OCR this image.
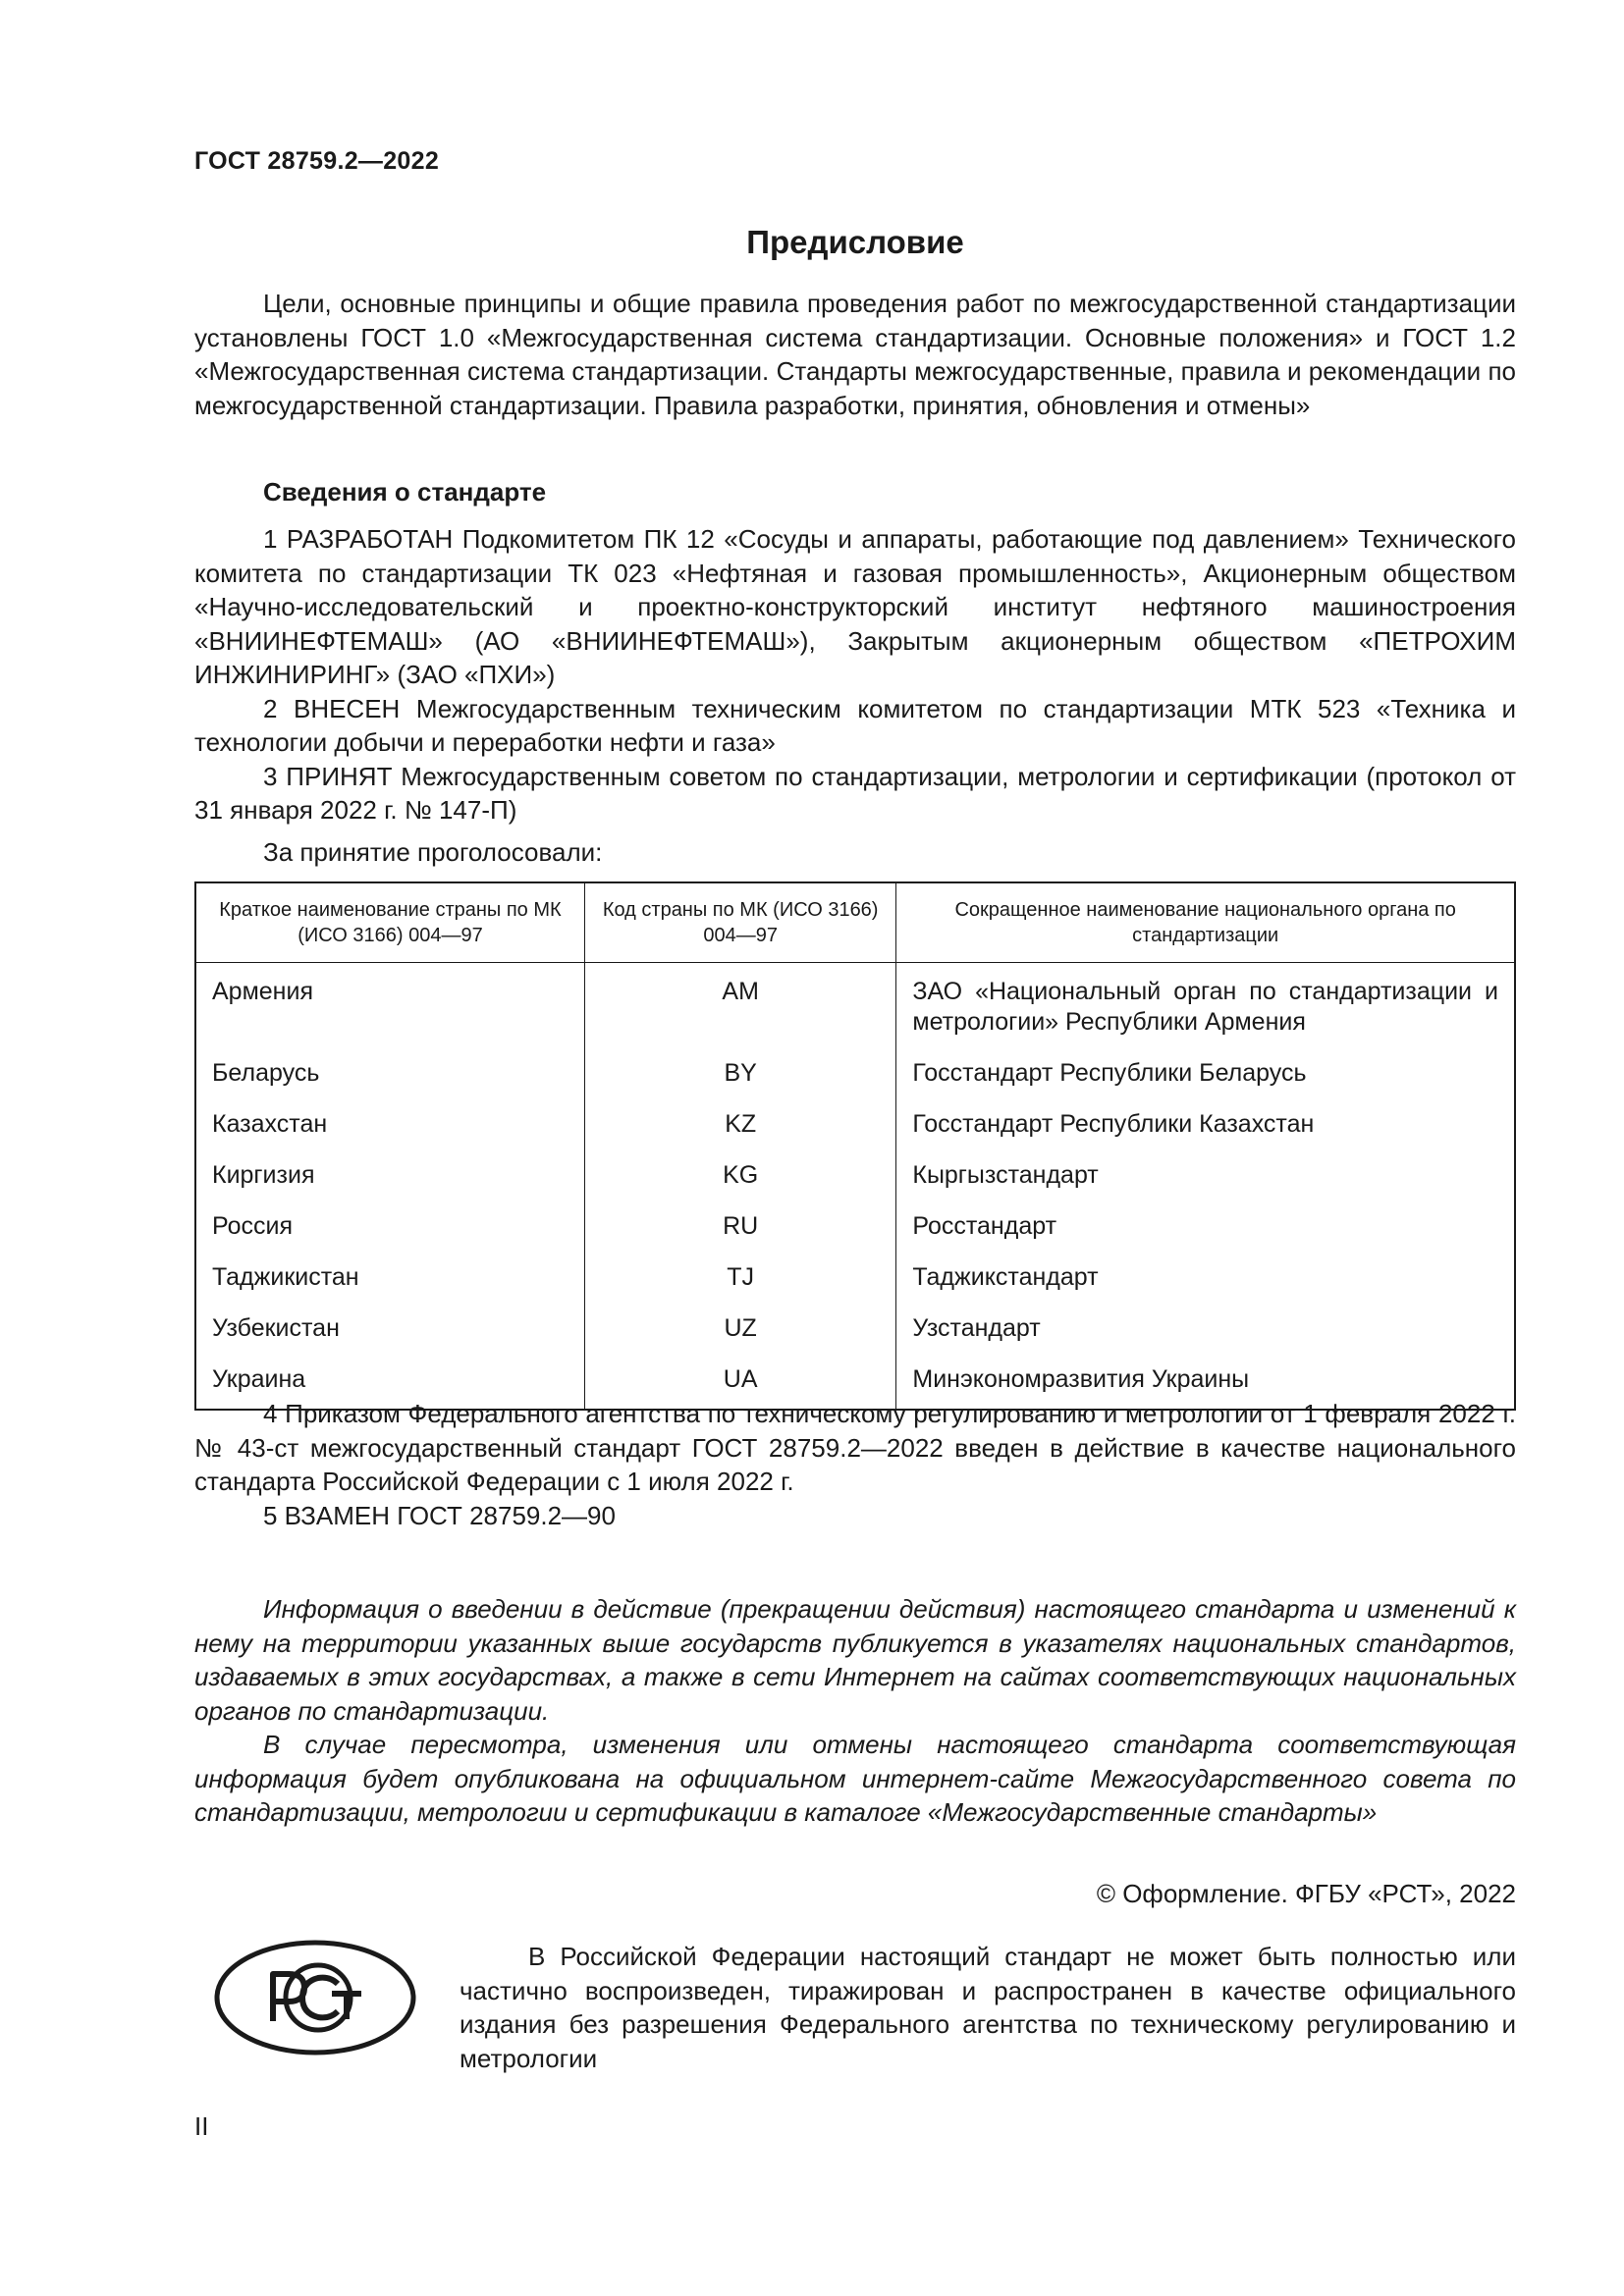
ГОСТ 28759.2—2022
Предисловие

Цели, основные принципы и общие правила проведения работ по межгосударственной стандартизации установлены ГОСТ 1.0 «Межгосударственная система стандартизации. Основные положения» и ГОСТ 1.2 «Межгосударственная система стандартизации. Стандарты межгосударственные, правила и рекомендации по межгосударственной стандартизации. Правила разработки, принятия, обновления и отмены»

Сведения о стандарте

1 РАЗРАБОТАН Подкомитетом ПК 12 «Сосуды и аппараты, работающие под давлением» Технического комитета по стандартизации ТК 023 «Нефтяная и газовая промышленность», Акционерным обществом «Научно-исследовательский и проектно-конструкторский институт нефтяного машиностроения «ВНИИНЕФТЕМАШ» (АО «ВНИИНЕФТЕМАШ»), Закрытым акционерным обществом «ПЕТРОХИМ ИНЖИНИРИНГ» (ЗАО «ПХИ»)

2 ВНЕСЕН Межгосударственным техническим комитетом по стандартизации МТК 523 «Техника и технологии добычи и переработки нефти и газа»

3 ПРИНЯТ Межгосударственным советом по стандартизации, метрологии и сертификации (протокол от 31 января 2022 г. № 147-П)

За принятие проголосовали:

Краткое наименование страны по МК (ИСО 3166) 004—97	Код страны по МК (ИСО 3166) 004—97	Сокращенное наименование национального органа по стандартизации
Армения	AM	ЗАО «Национальный орган по стандартизации и метрологии» Республики Армения
Беларусь	BY	Госстандарт Республики Беларусь
Казахстан	KZ	Госстандарт Республики Казахстан
Киргизия	KG	Кыргызстандарт
Россия	RU	Росстандарт
Таджикистан	TJ	Таджикстандарт
Узбекистан	UZ	Узстандарт
Украина	UA	Минэкономразвития Украины

4 Приказом Федерального агентства по техническому регулированию и метрологии от 1 февраля 2022 г. № 43-ст межгосударственный стандарт ГОСТ 28759.2—2022 введен в действие в качестве национального стандарта Российской Федерации с 1 июля 2022 г.

5 ВЗАМЕН ГОСТ 28759.2—90

Информация о введении в действие (прекращении действия) настоящего стандарта и изменений к нему на территории указанных выше государств публикуется в указателях национальных стандартов, издаваемых в этих государствах, а также в сети Интернет на сайтах соответствующих национальных органов по стандартизации.

В случае пересмотра, изменения или отмены настоящего стандарта соответствующая информация будет опубликована на официальном интернет-сайте Межгосударственного совета по стандартизации, метрологии и сертификации в каталоге «Межгосударственные стандарты»

© Оформление. ФГБУ «РСТ», 2022

В Российской Федерации настоящий стандарт не может быть полностью или частично воспроизведен, тиражирован и распространен в качестве официального издания без разрешения Федерального агентства по техническому регулированию и метрологии

II
